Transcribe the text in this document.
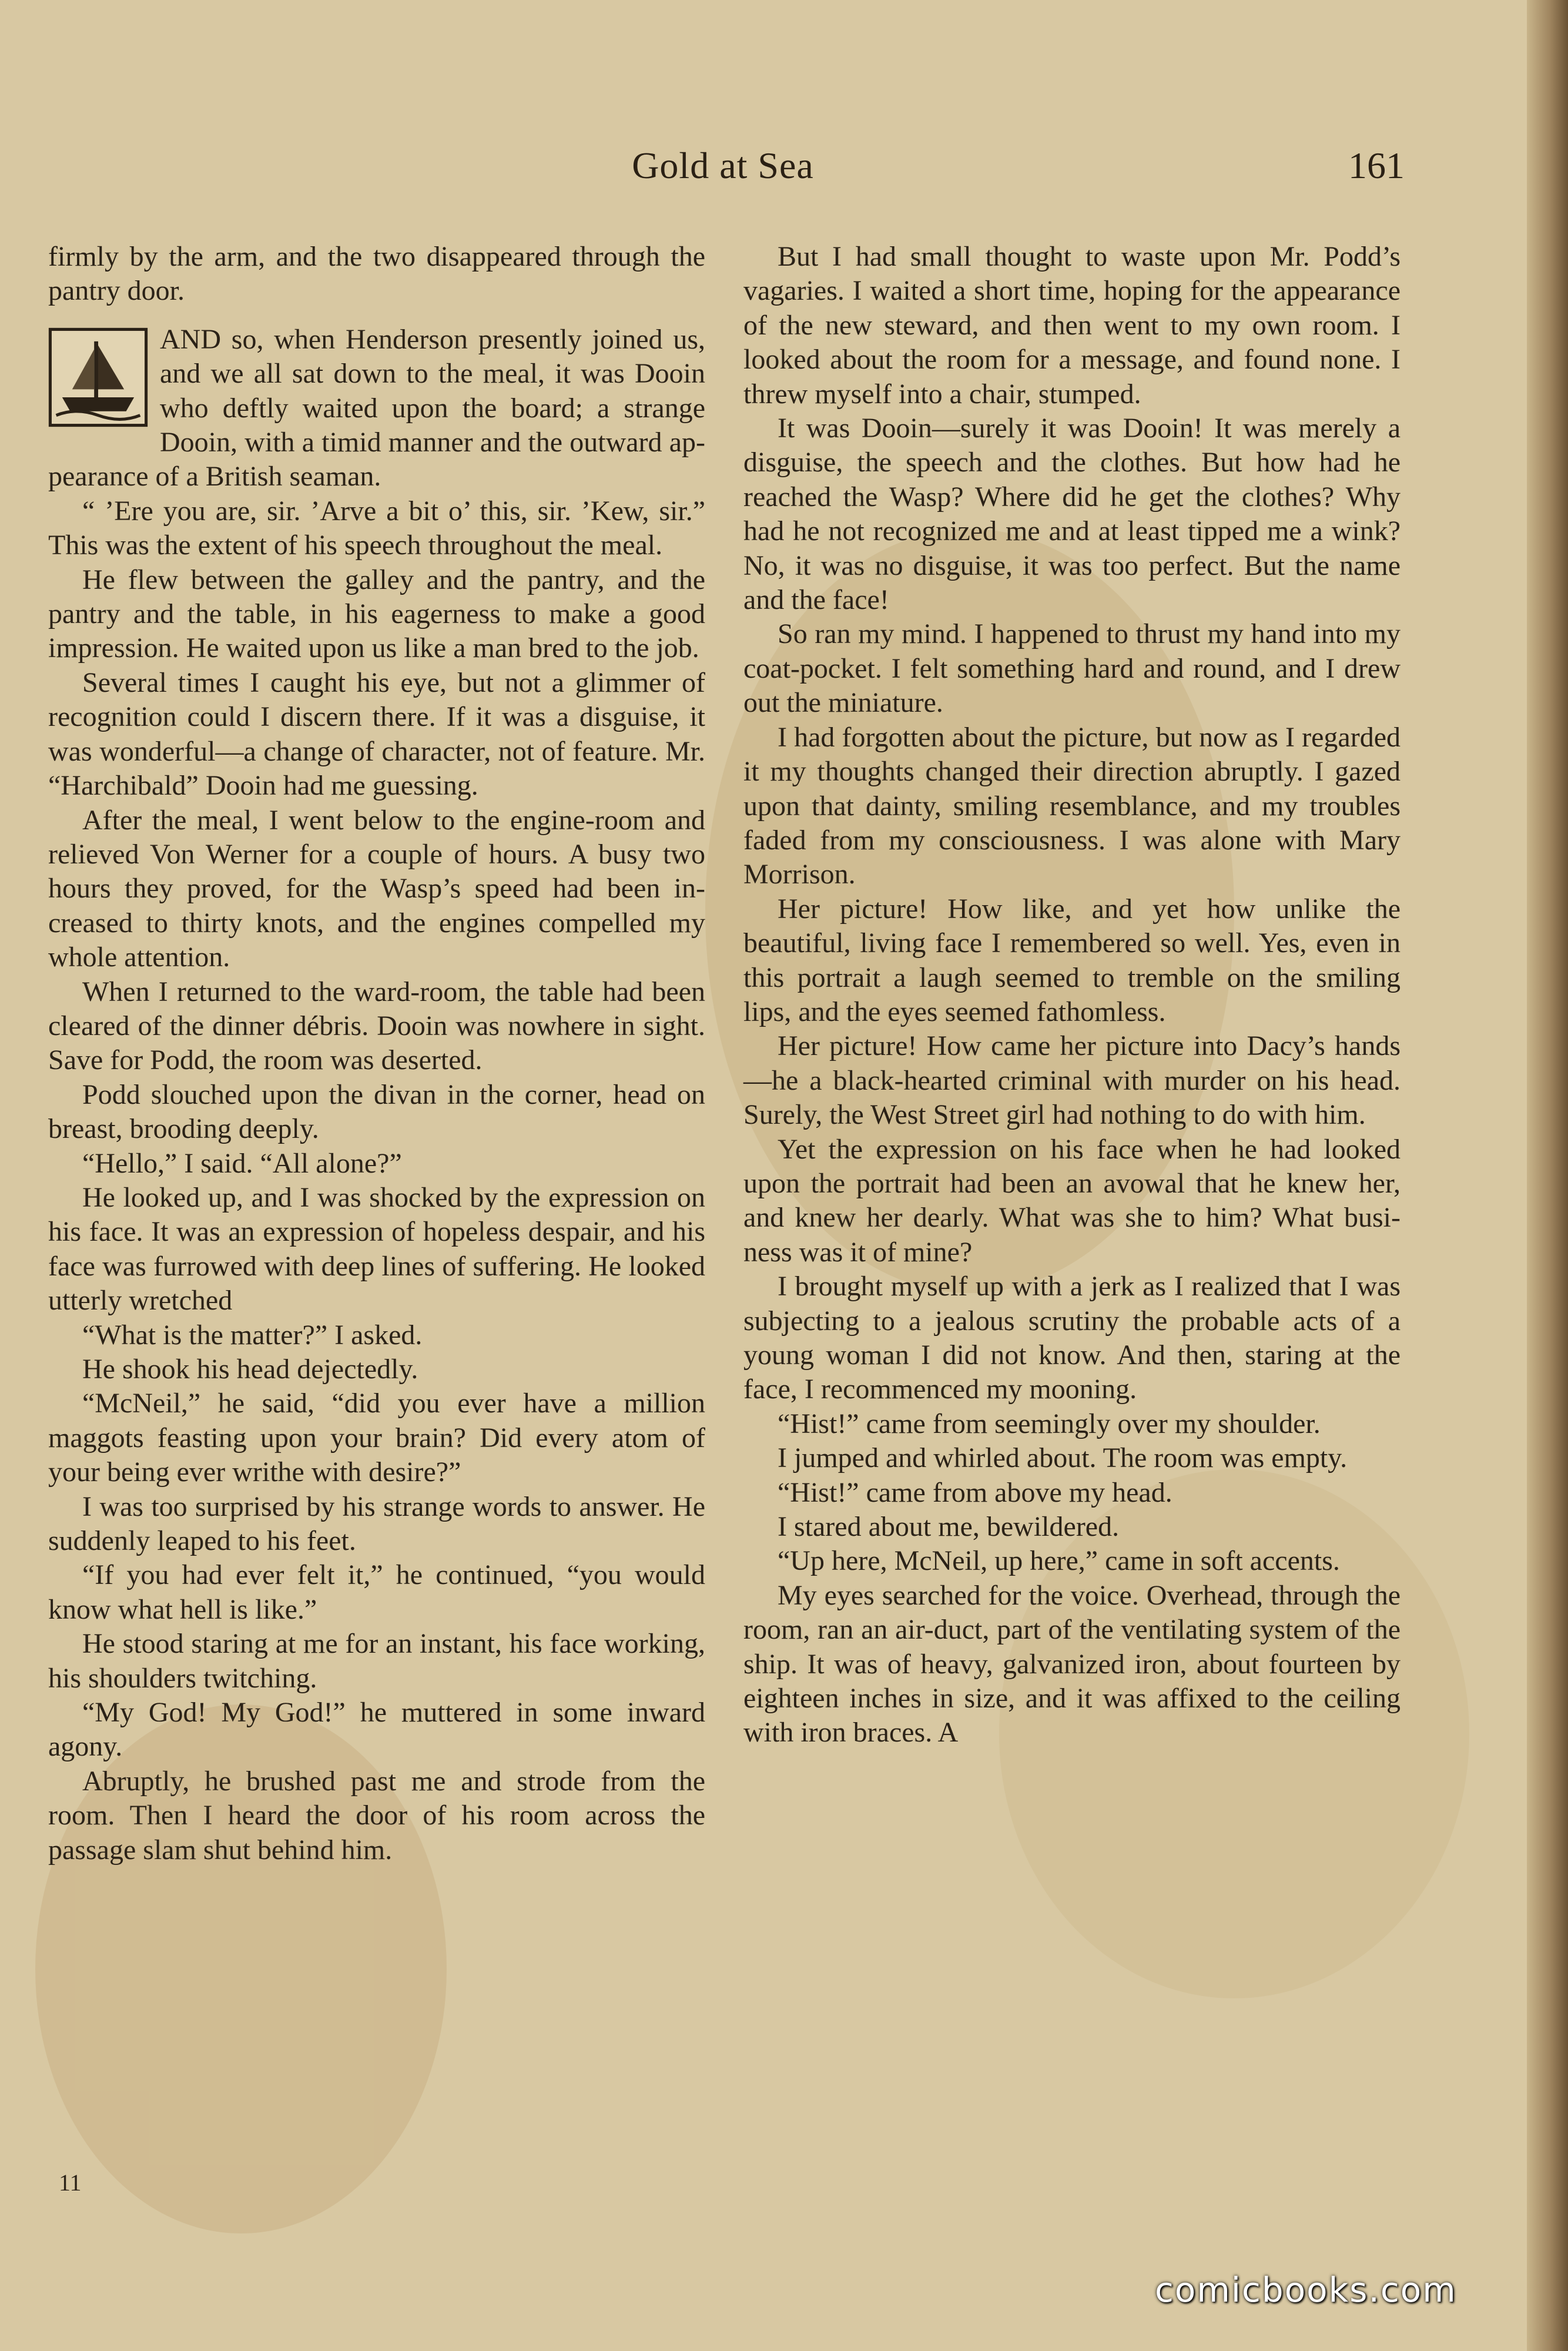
Gold at Sea	161

firmly by the arm, and the two disappeared through the pantry door.

AND so, when Henderson presently joined us, and we all sat down to the meal, it was Dooin who deftly waited upon the board; a strange Dooin, with a timid manner and the outward appearance of a British seaman.

“ ’Ere you are, sir. ’Arve a bit o’ this, sir. ’Kew, sir.” This was the extent of his speech throughout the meal.

He flew between the galley and the pantry, and the pantry and the table, in his eagerness to make a good impression. He waited upon us like a man bred to the job.

Several times I caught his eye, but not a glimmer of recognition could I discern there. If it was a disguise, it was wonderful—a change of character, not of feature. Mr. “Harchibald” Dooin had me guessing.

After the meal, I went below to the engine-room and relieved Von Werner for a couple of hours. A busy two hours they proved, for the Wasp’s speed had been increased to thirty knots, and the engines compelled my whole attention.

When I returned to the ward-room, the table had been cleared of the dinner débris. Dooin was nowhere in sight. Save for Podd, the room was deserted.

Podd slouched upon the divan in the corner, head on breast, brooding deeply.

“Hello,” I said. “All alone?”

He looked up, and I was shocked by the expression on his face. It was an expression of hopeless despair, and his face was furrowed with deep lines of suffering. He looked utterly wretched

“What is the matter?” I asked.

He shook his head dejectedly.

“McNeil,” he said, “did you ever have a million maggots feasting upon your brain? Did every atom of your being ever writhe with desire?”

I was too surprised by his strange words to answer. He suddenly leaped to his feet.

“If you had ever felt it,” he continued, “you would know what hell is like.”

He stood staring at me for an instant, his face working, his shoulders twitching.

“My God! My God!” he muttered in some inward agony.

Abruptly, he brushed past me and strode from the room. Then I heard the door of his room across the passage slam shut behind him.

11

But I had small thought to waste upon Mr. Podd’s vagaries. I waited a short time, hoping for the appearance of the new steward, and then went to my own room. I looked about the room for a message, and found none. I threw myself into a chair, stumped.

It was Dooin—surely it was Dooin! It was merely a disguise, the speech and the clothes. But how had he reached the Wasp? Where did he get the clothes? Why had he not recognized me and at least tipped me a wink? No, it was no disguise, it was too perfect. But the name and the face!

So ran my mind. I happened to thrust my hand into my coat-pocket. I felt something hard and round, and I drew out the miniature.

I had forgotten about the picture, but now as I regarded it my thoughts changed their direction abruptly. I gazed upon that dainty, smiling resemblance, and my troubles faded from my consciousness. I was alone with Mary Morrison.

Her picture! How like, and yet how unlike the beautiful, living face I remembered so well. Yes, even in this portrait a laugh seemed to tremble on the smiling lips, and the eyes seemed fathomless.

Her picture! How came her picture into Dacy’s hands—he a black-hearted criminal with murder on his head. Surely, the West Street girl had nothing to do with him.

Yet the expression on his face when he had looked upon the portrait had been an avowal that he knew her, and knew her dearly. What was she to him? What business was it of mine?

I brought myself up with a jerk as I realized that I was subjecting to a jealous scrutiny the probable acts of a young woman I did not know. And then, staring at the face, I recommenced my mooning.

“Hist!” came from seemingly over my shoulder.

I jumped and whirled about. The room was empty.

“Hist!” came from above my head.

I stared about me, bewildered.

“Up here, McNeil, up here,” came in soft accents.

My eyes searched for the voice. Overhead, through the room, ran an air-duct, part of the ventilating system of the ship. It was of heavy, galvanized iron, about fourteen by eighteen inches in size, and it was affixed to the ceiling with iron braces. A

comicbooks.com
